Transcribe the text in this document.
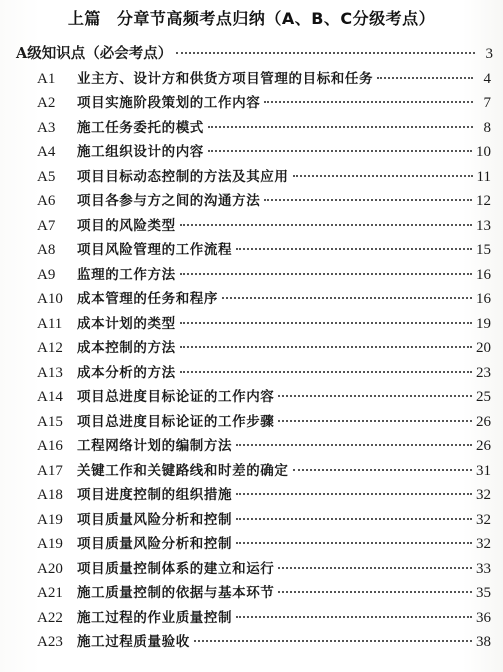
上篇 分章节高频考点归纳（A、B、C分级考点）
A级知识点（必会考点）	3
A1	业主方、设计方和供货方项目管理的目标和任务	4
A2	项目实施阶段策划的工作内容	7
A3	施工任务委托的模式	8
A4	施工组织设计的内容	10
A5	项目目标动态控制的方法及其应用	11
A6	项目各参与方之间的沟通方法	12
A7	项目的风险类型	13
A8	项目风险管理的工作流程	15
A9	监理的工作方法	16
A10	成本管理的任务和程序	16
A11	成本计划的类型	19
A12	成本控制的方法	20
A13	成本分析的方法	23
A14	项目总进度目标论证的工作内容	25
A15	项目总进度目标论证的工作步骤	26
A16	工程网络计划的编制方法	26
A17	关键工作和关键路线和时差的确定	31
A18	项目进度控制的组织措施	32
A19	项目质量风险分析和控制	32
A19	项目质量风险分析和控制	32
A20	项目质量控制体系的建立和运行	33
A21	施工质量控制的依据与基本环节	35
A22	施工过程的作业质量控制	36
A23	施工过程质量验收	38
